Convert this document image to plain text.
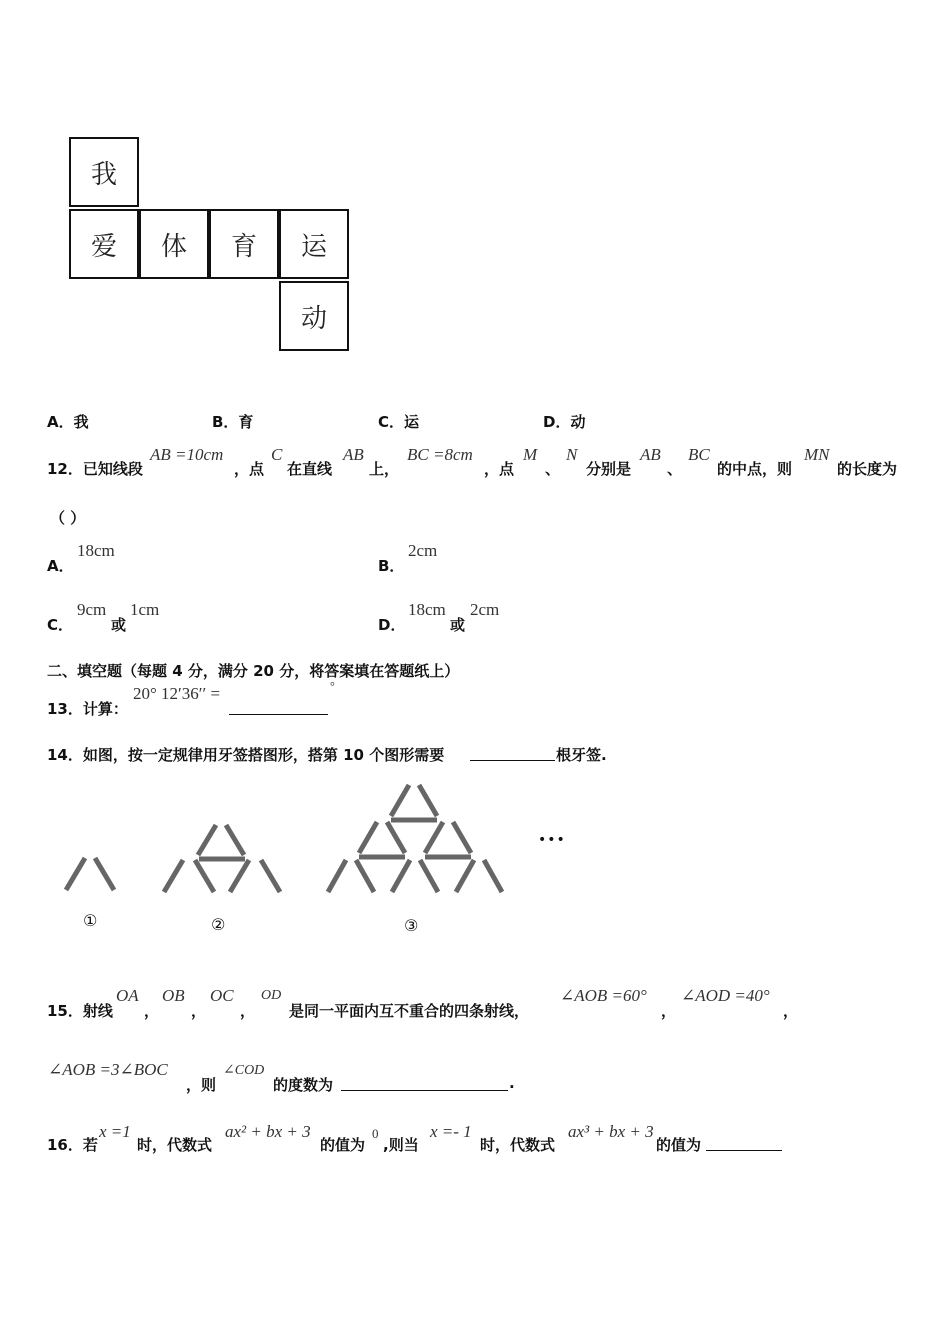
我
爱	体	育	运
动
A．我	B．育	C．运	D．动
12．已知线段
AB =10cm
，点
C
在直线
AB
上，
BC =8cm
，点
M
、
N
分别是
AB
、
BC
的中点，则
MN
的长度为
（ ）
A．
18cm
B．
2cm
C．
9cm
或
1cm
D．
18cm
或
2cm
二、填空题（每题 4 分，满分 20 分，将答案填在答题纸上）
13．计算：
20° 12′36′′ =	°
14．如图，按一定规律用牙签搭图形，搭第 10 个图形需要	根牙签.
①	②	③
•••
15．射线
OA
，
OB
，
OC
，
OD
是同一平面内互不重合的四条射线，
∠AOB =60°
，
∠AOD =40°
，
∠AOB =3∠BOC
，则
∠COD
的度数为	.
16．若
x =1
时，代数式
ax² + bx + 3
的值为
0
,则当
x =- 1
时，代数式
ax³ + bx + 3
的值为
